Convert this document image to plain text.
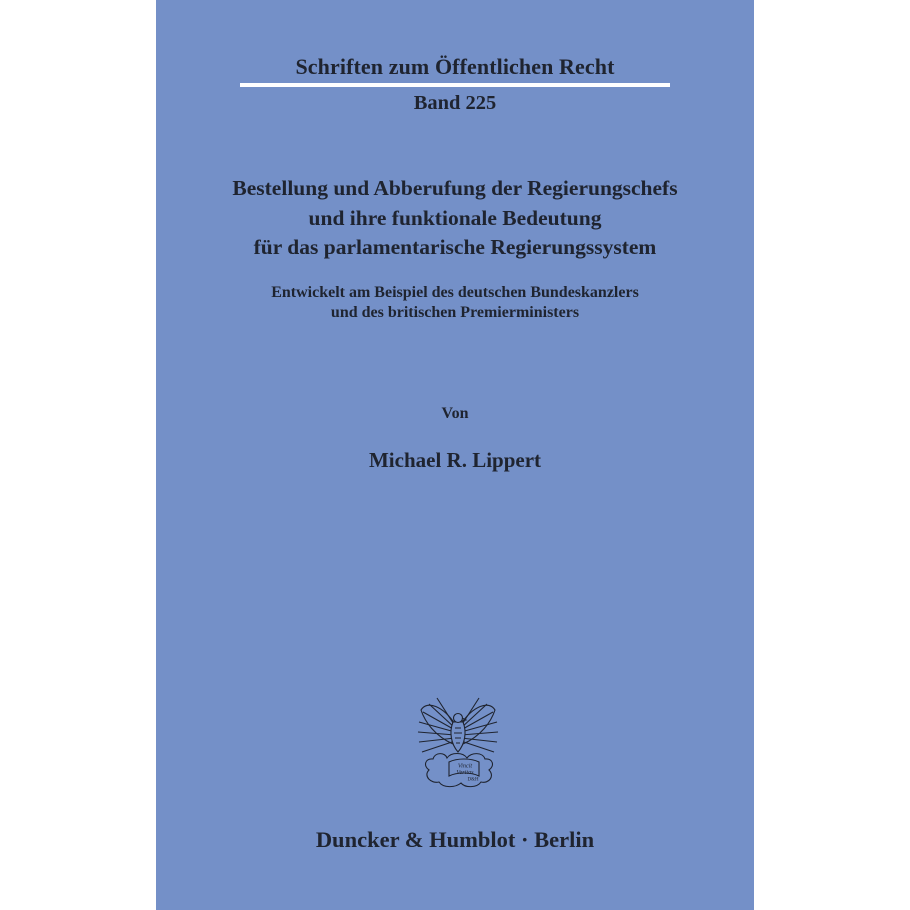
Schriften zum Öffentlichen Recht
Band 225
Bestellung und Abberufung der Regierungschefs
und ihre funktionale Bedeutung
für das parlamentarische Regierungssystem
Entwickelt am Beispiel des deutschen Bundeskanzlers
und des britischen Premierministers
Von
Michael R. Lippert
Vincit
Veritas
D&H
Duncker & Humblot · Berlin
